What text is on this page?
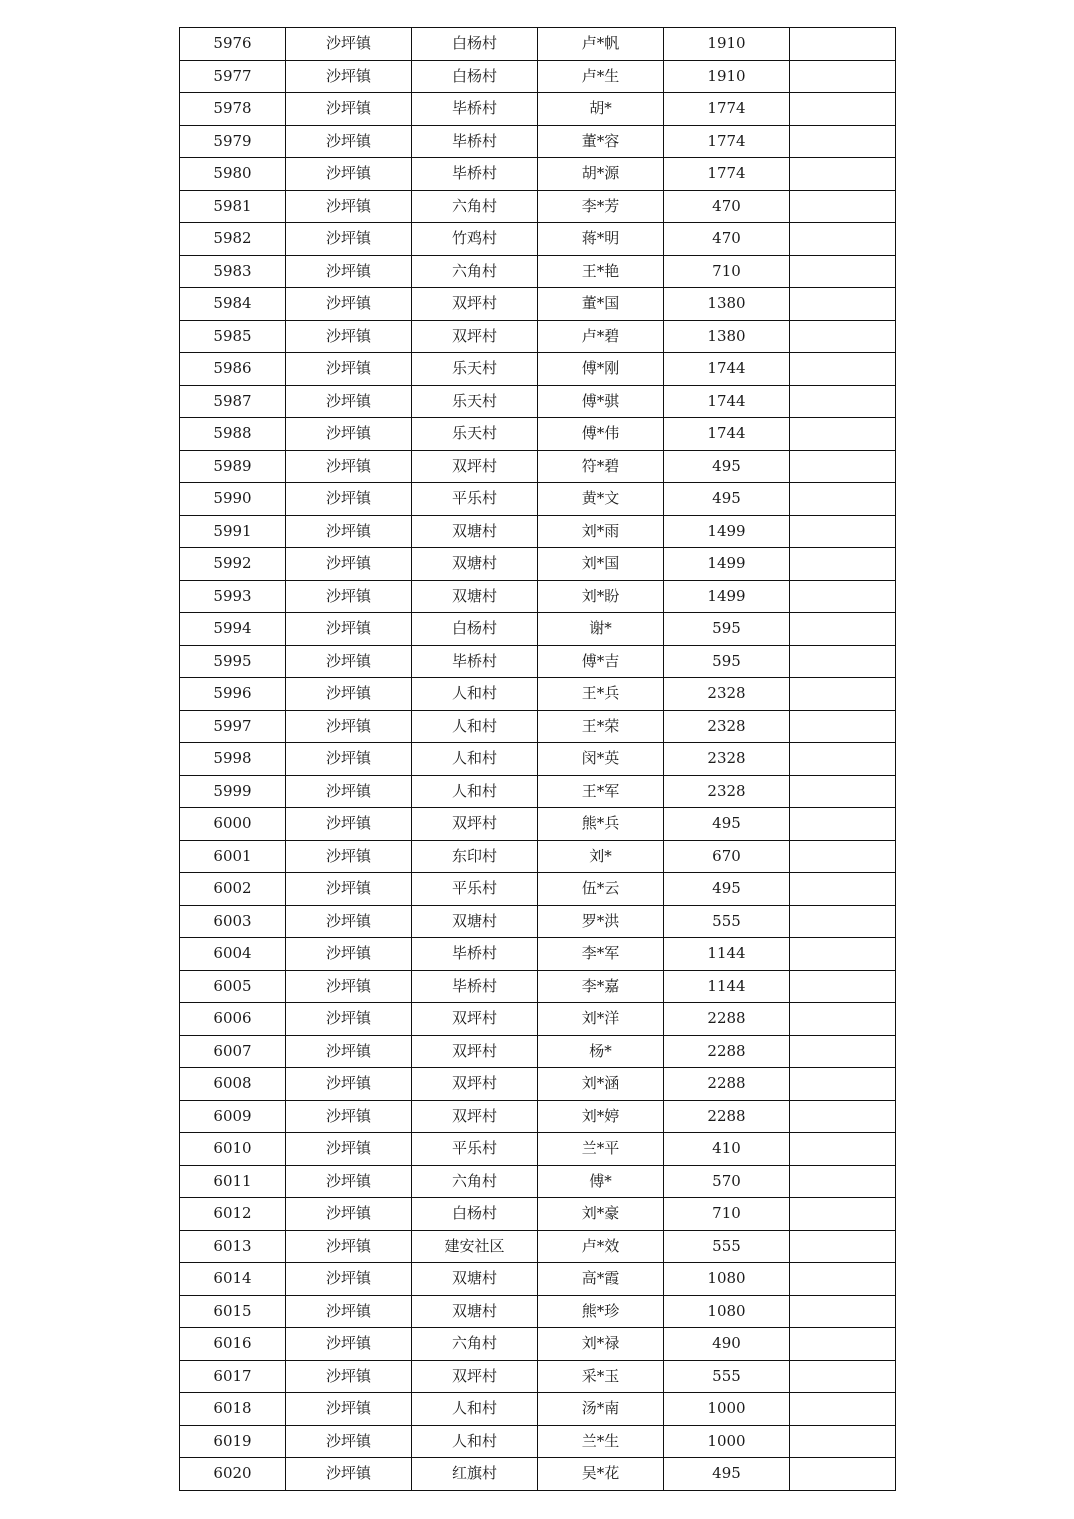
5976	沙坪镇	白杨村	卢*帆	1910	
5977	沙坪镇	白杨村	卢*生	1910	
5978	沙坪镇	毕桥村	胡*	1774	
5979	沙坪镇	毕桥村	董*容	1774	
5980	沙坪镇	毕桥村	胡*源	1774	
5981	沙坪镇	六角村	李*芳	470	
5982	沙坪镇	竹鸡村	蒋*明	470	
5983	沙坪镇	六角村	王*艳	710	
5984	沙坪镇	双坪村	董*国	1380	
5985	沙坪镇	双坪村	卢*碧	1380	
5986	沙坪镇	乐天村	傅*刚	1744	
5987	沙坪镇	乐天村	傅*骐	1744	
5988	沙坪镇	乐天村	傅*伟	1744	
5989	沙坪镇	双坪村	符*碧	495	
5990	沙坪镇	平乐村	黄*文	495	
5991	沙坪镇	双塘村	刘*雨	1499	
5992	沙坪镇	双塘村	刘*国	1499	
5993	沙坪镇	双塘村	刘*盼	1499	
5994	沙坪镇	白杨村	谢*	595	
5995	沙坪镇	毕桥村	傅*吉	595	
5996	沙坪镇	人和村	王*兵	2328	
5997	沙坪镇	人和村	王*荣	2328	
5998	沙坪镇	人和村	闵*英	2328	
5999	沙坪镇	人和村	王*军	2328	
6000	沙坪镇	双坪村	熊*兵	495	
6001	沙坪镇	东印村	刘*	670	
6002	沙坪镇	平乐村	伍*云	495	
6003	沙坪镇	双塘村	罗*洪	555	
6004	沙坪镇	毕桥村	李*军	1144	
6005	沙坪镇	毕桥村	李*嘉	1144	
6006	沙坪镇	双坪村	刘*洋	2288	
6007	沙坪镇	双坪村	杨*	2288	
6008	沙坪镇	双坪村	刘*涵	2288	
6009	沙坪镇	双坪村	刘*婷	2288	
6010	沙坪镇	平乐村	兰*平	410	
6011	沙坪镇	六角村	傅*	570	
6012	沙坪镇	白杨村	刘*豪	710	
6013	沙坪镇	建安社区	卢*效	555	
6014	沙坪镇	双塘村	高*霞	1080	
6015	沙坪镇	双塘村	熊*珍	1080	
6016	沙坪镇	六角村	刘*禄	490	
6017	沙坪镇	双坪村	采*玉	555	
6018	沙坪镇	人和村	汤*南	1000	
6019	沙坪镇	人和村	兰*生	1000	
6020	沙坪镇	红旗村	吴*花	495	
